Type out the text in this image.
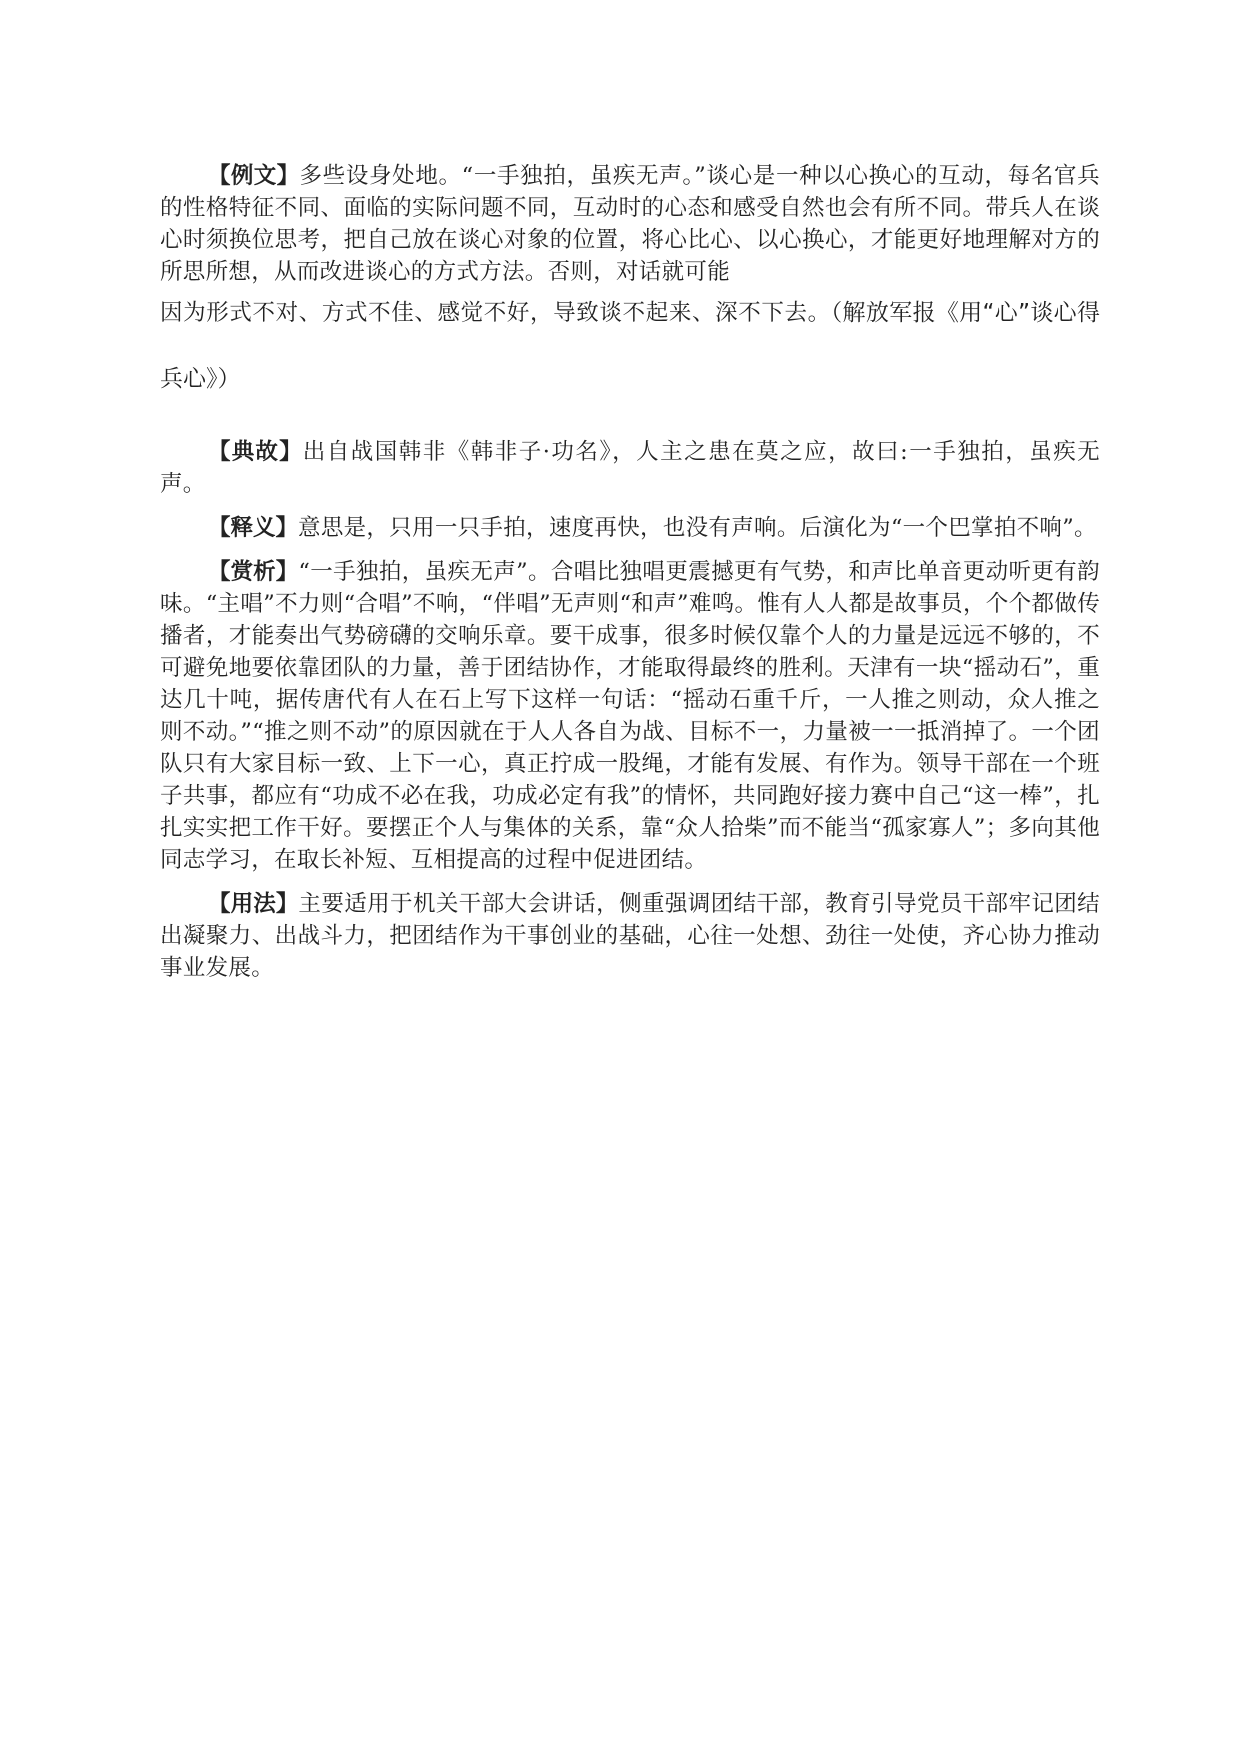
【例文】多些设身处地。“一手独拍，虽疾无声。”谈心是一种以心换心的互动，每名官兵的性格特征不同、面临的实际问题不同，互动时的心态和感受自然也会有所不同。带兵人在谈心时须换位思考，把自己放在谈心对象的位置，将心比心、以心换心，才能更好地理解对方的所思所想，从而改进谈心的方式方法。否则，对话就可能
因为形式不对、方式不佳、感觉不好，导致谈不起来、深不下去。（解放军报《用“心”谈心得兵心》）

【典故】出自战国韩非《韩非子·功名》，人主之患在莫之应，故曰:一手独拍，虽疾无声。

【释义】意思是，只用一只手拍，速度再快，也没有声响。后演化为“一个巴掌拍不响”。

【赏析】“一手独拍，虽疾无声”。合唱比独唱更震撼更有气势，和声比单音更动听更有韵味。“主唱”不力则“合唱”不响，“伴唱”无声则“和声”难鸣。惟有人人都是故事员，个个都做传播者，才能奏出气势磅礴的交响乐章。要干成事，很多时候仅靠个人的力量是远远不够的，不可避免地要依靠团队的力量，善于团结协作，才能取得最终的胜利。天津有一块“摇动石”，重达几十吨，据传唐代有人在石上写下这样一句话：“摇动石重千斤，一人推之则动，众人推之则不动。”“推之则不动”的原因就在于人人各自为战、目标不一，力量被一一抵消掉了。一个团队只有大家目标一致、上下一心，真正拧成一股绳，才能有发展、有作为。领导干部在一个班子共事，都应有“功成不必在我，功成必定有我”的情怀，共同跑好接力赛中自己“这一棒”，扎扎实实把工作干好。要摆正个人与集体的关系，靠“众人拾柴”而不能当“孤家寡人”；多向其他同志学习，在取长补短、互相提高的过程中促进团结。

【用法】主要适用于机关干部大会讲话，侧重强调团结干部，教育引导党员干部牢记团结出凝聚力、出战斗力，把团结作为干事创业的基础，心往一处想、劲往一处使，齐心协力推动事业发展。
